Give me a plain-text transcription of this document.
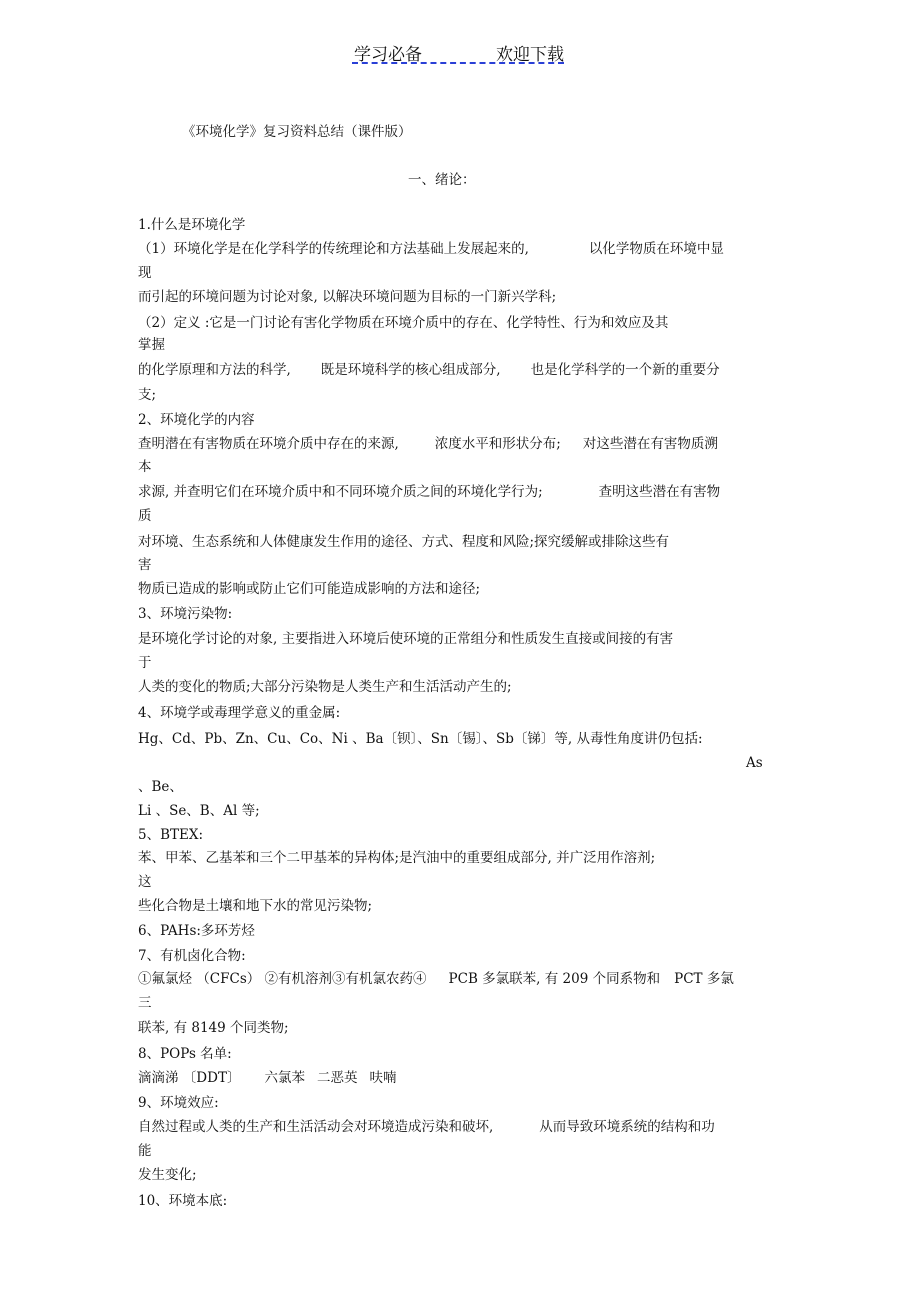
学习必备	欢迎下载
《环境化学》复习资料总结（课件版）
一、绪论：
1.什么是环境化学
（1）环境化学是在化学科学的传统理论和方法基础上发展起来的,	以化学物质在环境中显
现
而引起的环境问题为讨论对象, 以解决环境问题为目标的一门新兴学科;
（2）定义 :它是一门讨论有害化学物质在环境介质中的存在、化学特性、行为和效应及其
掌握
的化学原理和方法的科学, 既是环境科学的核心组成部分, 也是化学科学的一个新的重要分
支;
2、环境化学的内容
查明潜在有害物质在环境介质中存在的来源,	浓度水平和形状分布; 对这些潜在有害物质溯
本
求源, 并查明它们在环境介质中和不同环境介质之间的环境化学行为;	查明这些潜在有害物
质
对环境、生态系统和人体健康发生作用的途径、方式、程度和风险;探究缓解或排除这些有
害
物质已造成的影响或防止它们可能造成影响的方法和途径;
3、环境污染物:
是环境化学讨论的对象, 主要指进入环境后使环境的正常组分和性质发生直接或间接的有害
于
人类的变化的物质;大部分污染物是人类生产和生活活动产生的;
4、环境学或毒理学意义的重金属:
Hg、Cd、Pb、Zn、Cu、Co、Ni 、Ba〔钡〕、Sn〔锡〕、Sb〔锑〕等, 从毒性角度讲仍包括:
As
、Be、
Li 、Se、B、Al 等;
5、BTEX:
苯、甲苯、乙基苯和三个二甲基苯的异构体;是汽油中的重要组成部分, 并广泛用作溶剂;
这
些化合物是土壤和地下水的常见污染物;
6、PAHs:多环芳烃
7、有机卤化合物:
①氟氯烃 （CFCs） ②有机溶剂③有机氯农药④ PCB 多氯联苯, 有 209 个同系物和 PCT 多氯
三
联苯, 有 8149 个同类物;
8、POPs 名单:
滴滴涕 〔DDT〕 六氯苯 二恶英 呋喃
9、环境效应:
自然过程或人类的生产和生活活动会对环境造成污染和破坏,	从而导致环境系统的结构和功
能
发生变化;
10、环境本底:
